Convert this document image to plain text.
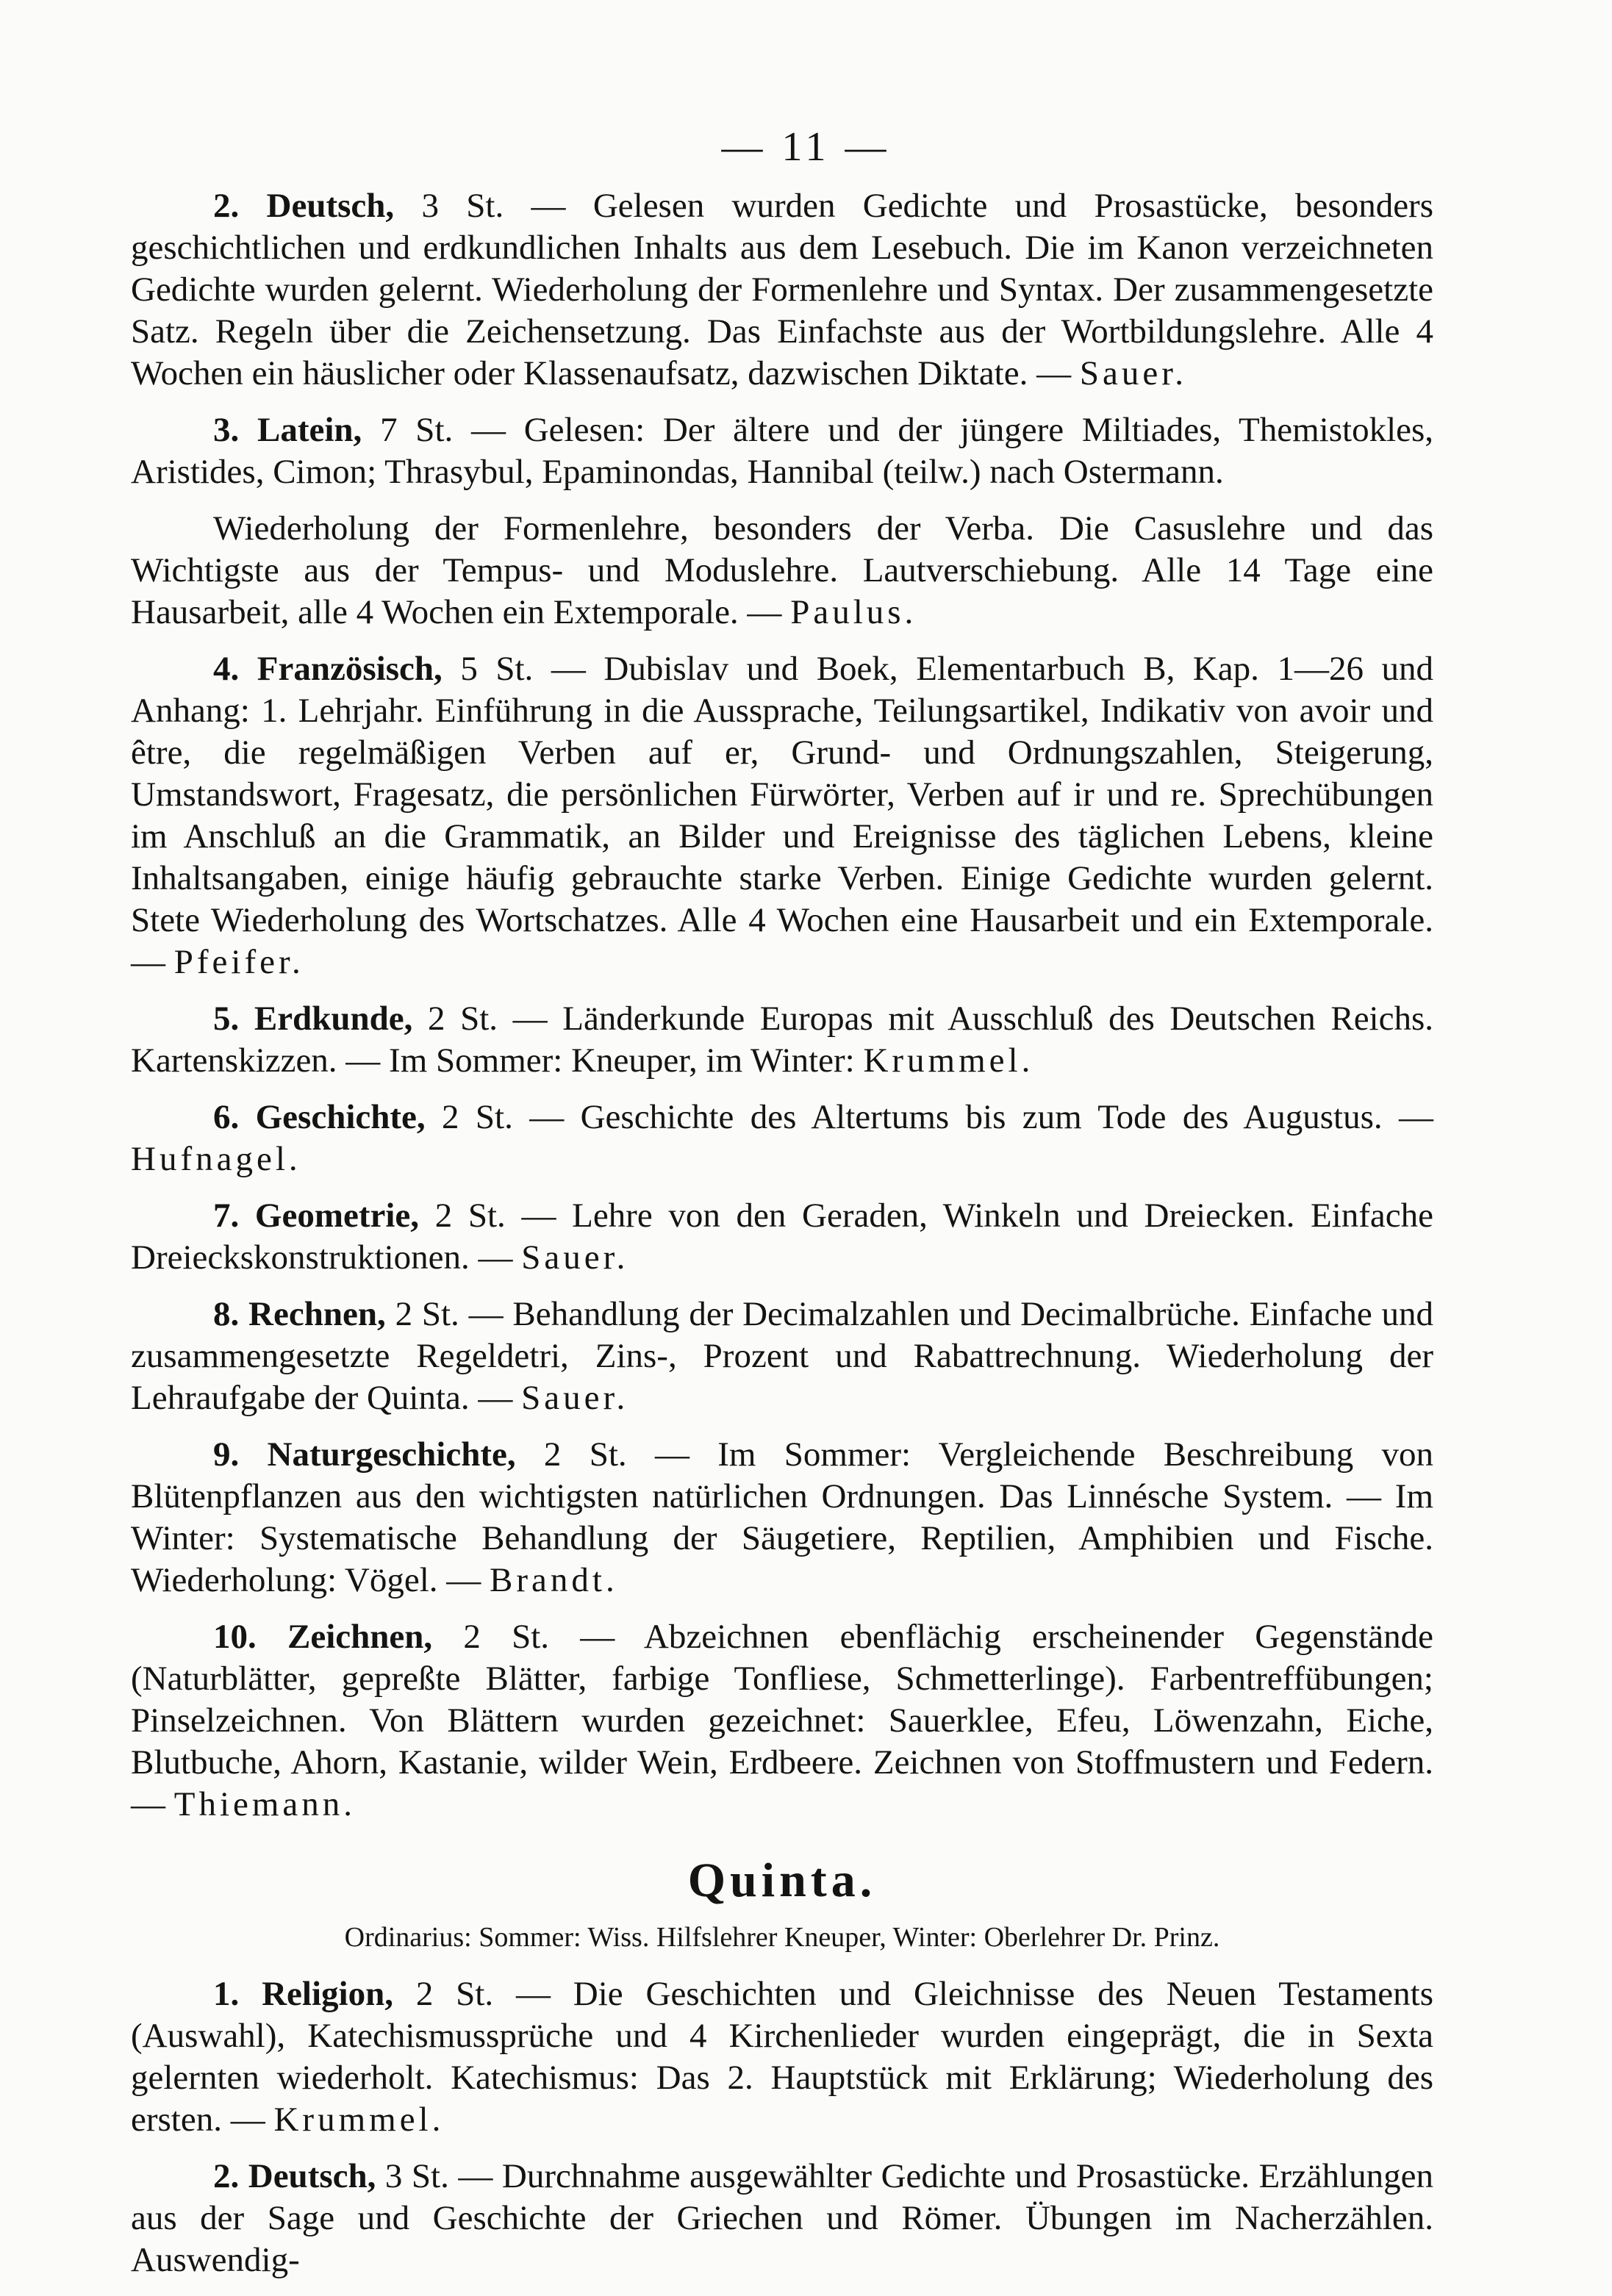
— 11 —

2. Deutsch, 3 St. — Gelesen wurden Gedichte und Prosastücke, besonders geschichtlichen und erdkundlichen Inhalts aus dem Lesebuch. Die im Kanon verzeichneten Gedichte wurden gelernt. Wiederholung der Formenlehre und Syntax. Der zusammengesetzte Satz. Regeln über die Zeichensetzung. Das Einfachste aus der Wortbildungslehre. Alle 4 Wochen ein häuslicher oder Klassenaufsatz, dazwischen Diktate. — Sauer.

3. Latein, 7 St. — Gelesen: Der ältere und der jüngere Miltiades, Themistokles, Aristides, Cimon; Thrasybul, Epaminondas, Hannibal (teilw.) nach Ostermann.

Wiederholung der Formenlehre, besonders der Verba. Die Casuslehre und das Wichtigste aus der Tempus- und Moduslehre. Lautverschiebung. Alle 14 Tage eine Hausarbeit, alle 4 Wochen ein Extemporale. — Paulus.

4. Französisch, 5 St. — Dubislav und Boek, Elementarbuch B, Kap. 1—26 und Anhang: 1. Lehrjahr. Einführung in die Aussprache, Teilungsartikel, Indikativ von avoir und être, die regelmäßigen Verben auf er, Grund- und Ordnungszahlen, Steigerung, Umstandswort, Fragesatz, die persönlichen Fürwörter, Verben auf ir und re. Sprechübungen im Anschluß an die Grammatik, an Bilder und Ereignisse des täglichen Lebens, kleine Inhaltsangaben, einige häufig gebrauchte starke Verben. Einige Gedichte wurden gelernt. Stete Wiederholung des Wortschatzes. Alle 4 Wochen eine Hausarbeit und ein Extemporale. — Pfeifer.

5. Erdkunde, 2 St. — Länderkunde Europas mit Ausschluß des Deutschen Reichs. Kartenskizzen. — Im Sommer: Kneuper, im Winter: Krummel.

6. Geschichte, 2 St. — Geschichte des Altertums bis zum Tode des Augustus. — Hufnagel.

7. Geometrie, 2 St. — Lehre von den Geraden, Winkeln und Dreiecken. Einfache Dreieckskonstruktionen. — Sauer.

8. Rechnen, 2 St. — Behandlung der Decimalzahlen und Decimalbrüche. Einfache und zusammengesetzte Regeldetri, Zins-, Prozent und Rabattrechnung. Wiederholung der Lehraufgabe der Quinta. — Sauer.

9. Naturgeschichte, 2 St. — Im Sommer: Vergleichende Beschreibung von Blütenpflanzen aus den wichtigsten natürlichen Ordnungen. Das Linnésche System. — Im Winter: Systematische Behandlung der Säugetiere, Reptilien, Amphibien und Fische. Wiederholung: Vögel. — Brandt.

10. Zeichnen, 2 St. — Abzeichnen ebenflächig erscheinender Gegenstände (Naturblätter, gepreßte Blätter, farbige Tonfliese, Schmetterlinge). Farbentreffübungen; Pinselzeichnen. Von Blättern wurden gezeichnet: Sauerklee, Efeu, Löwenzahn, Eiche, Blutbuche, Ahorn, Kastanie, wilder Wein, Erdbeere. Zeichnen von Stoffmustern und Federn. — Thiemann.

Quinta.
Ordinarius: Sommer: Wiss. Hilfslehrer Kneuper, Winter: Oberlehrer Dr. Prinz.

1. Religion, 2 St. — Die Geschichten und Gleichnisse des Neuen Testaments (Auswahl), Katechismussprüche und 4 Kirchenlieder wurden eingeprägt, die in Sexta gelernten wiederholt. Katechismus: Das 2. Hauptstück mit Erklärung; Wiederholung des ersten. — Krummel.

2. Deutsch, 3 St. — Durchnahme ausgewählter Gedichte und Prosastücke. Erzählungen aus der Sage und Geschichte der Griechen und Römer. Übungen im Nacherzählen. Auswendig-
